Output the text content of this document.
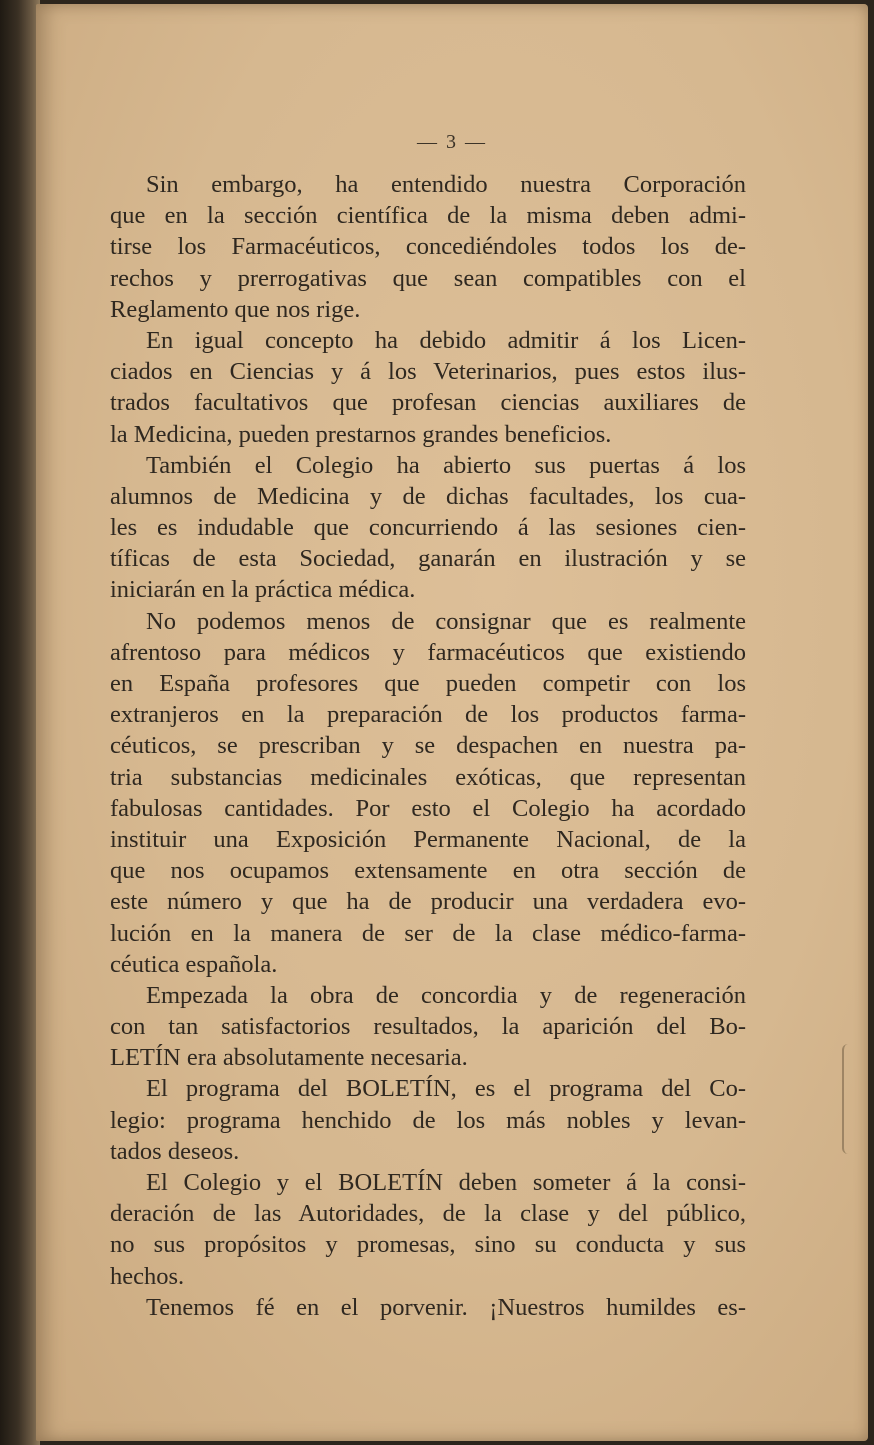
— 3 —
Sin embargo, ha entendido nuestra Corporación
que en la sección científica de la misma deben admi-
tirse los Farmacéuticos, concediéndoles todos los de-
rechos y prerrogativas que sean compatibles con el
Reglamento que nos rige.
En igual concepto ha debido admitir á los Licen-
ciados en Ciencias y á los Veterinarios, pues estos ilus-
trados facultativos que profesan ciencias auxiliares de
la Medicina, pueden prestarnos grandes beneficios.
También el Colegio ha abierto sus puertas á los
alumnos de Medicina y de dichas facultades, los cua-
les es indudable que concurriendo á las sesiones cien-
tíficas de esta Sociedad, ganarán en ilustración y se
iniciarán en la práctica médica.
No podemos menos de consignar que es realmente
afrentoso para médicos y farmacéuticos que existiendo
en España profesores que pueden competir con los
extranjeros en la preparación de los productos farma-
céuticos, se prescriban y se despachen en nuestra pa-
tria substancias medicinales exóticas, que representan
fabulosas cantidades. Por esto el Colegio ha acordado
instituir una Exposición Permanente Nacional, de la
que nos ocupamos extensamente en otra sección de
este número y que ha de producir una verdadera evo-
lución en la manera de ser de la clase médico-farma-
céutica española.
Empezada la obra de concordia y de regeneración
con tan satisfactorios resultados, la aparición del Bo-
LETÍN era absolutamente necesaria.
El programa del BOLETÍN, es el programa del Co-
legio: programa henchido de los más nobles y levan-
tados deseos.
El Colegio y el BOLETÍN deben someter á la consi-
deración de las Autoridades, de la clase y del público,
no sus propósitos y promesas, sino su conducta y sus
hechos.
Tenemos fé en el porvenir. ¡Nuestros humildes es-
